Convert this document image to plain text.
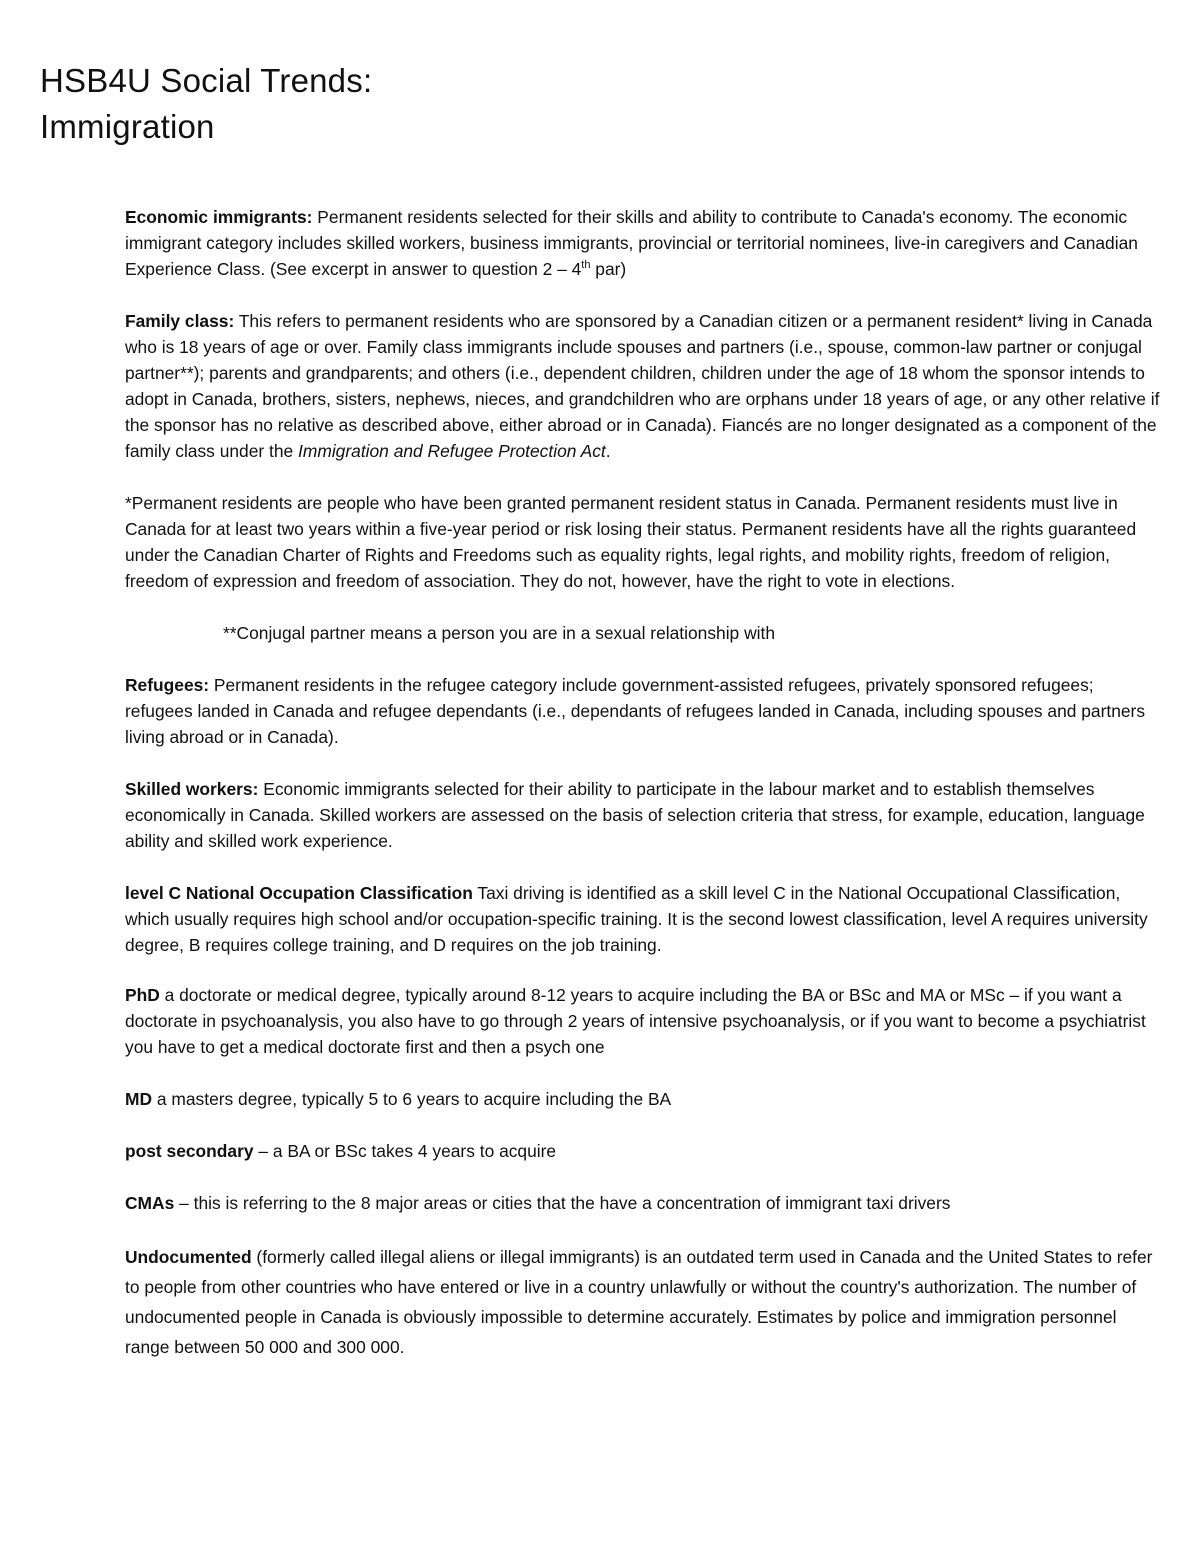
HSB4U Social Trends:
Immigration

Economic immigrants: Permanent residents selected for their skills and ability to contribute to Canada's economy. The economic immigrant category includes skilled workers, business immigrants, provincial or territorial nominees, live-in caregivers and Canadian Experience Class. (See excerpt in answer to question 2 – 4th par)

Family class: This refers to permanent residents who are sponsored by a Canadian citizen or a permanent resident* living in Canada who is 18 years of age or over. Family class immigrants include spouses and partners (i.e., spouse, common-law partner or conjugal partner**); parents and grandparents; and others (i.e., dependent children, children under the age of 18 whom the sponsor intends to adopt in Canada, brothers, sisters, nephews, nieces, and grandchildren who are orphans under 18 years of age, or any other relative if the sponsor has no relative as described above, either abroad or in Canada). Fiancés are no longer designated as a component of the family class under the Immigration and Refugee Protection Act.

*Permanent residents are people who have been granted permanent resident status in Canada. Permanent residents must live in Canada for at least two years within a five-year period or risk losing their status. Permanent residents have all the rights guaranteed under the Canadian Charter of Rights and Freedoms such as equality rights, legal rights, and mobility rights, freedom of religion, freedom of expression and freedom of association. They do not, however, have the right to vote in elections.

**Conjugal partner means a person you are in a sexual relationship with

Refugees: Permanent residents in the refugee category include government-assisted refugees, privately sponsored refugees; refugees landed in Canada and refugee dependants (i.e., dependants of refugees landed in Canada, including spouses and partners living abroad or in Canada).

Skilled workers: Economic immigrants selected for their ability to participate in the labour market and to establish themselves economically in Canada. Skilled workers are assessed on the basis of selection criteria that stress, for example, education, language ability and skilled work experience.

level C National Occupation Classification Taxi driving is identified as a skill level C in the National Occupational Classification, which usually requires high school and/or occupation-specific training. It is the second lowest classification, level A requires university degree, B requires college training, and D requires on the job training.

PhD a doctorate or medical degree, typically around 8-12 years to acquire including the BA or BSc and MA or MSc – if you want a doctorate in psychoanalysis, you also have to go through 2 years of intensive psychoanalysis, or if you want to become a psychiatrist you have to get a medical doctorate first and then a psych one

MD a masters degree, typically 5 to 6 years to acquire including the BA

post secondary – a BA or BSc takes 4 years to acquire

CMAs – this is referring to the 8 major areas or cities that the have a concentration of immigrant taxi drivers

Undocumented (formerly called illegal aliens or illegal immigrants) is an outdated term used in Canada and the United States to refer to people from other countries who have entered or live in a country unlawfully or without the country's authorization. The number of undocumented people in Canada is obviously impossible to determine accurately. Estimates by police and immigration personnel range between 50 000 and 300 000.
